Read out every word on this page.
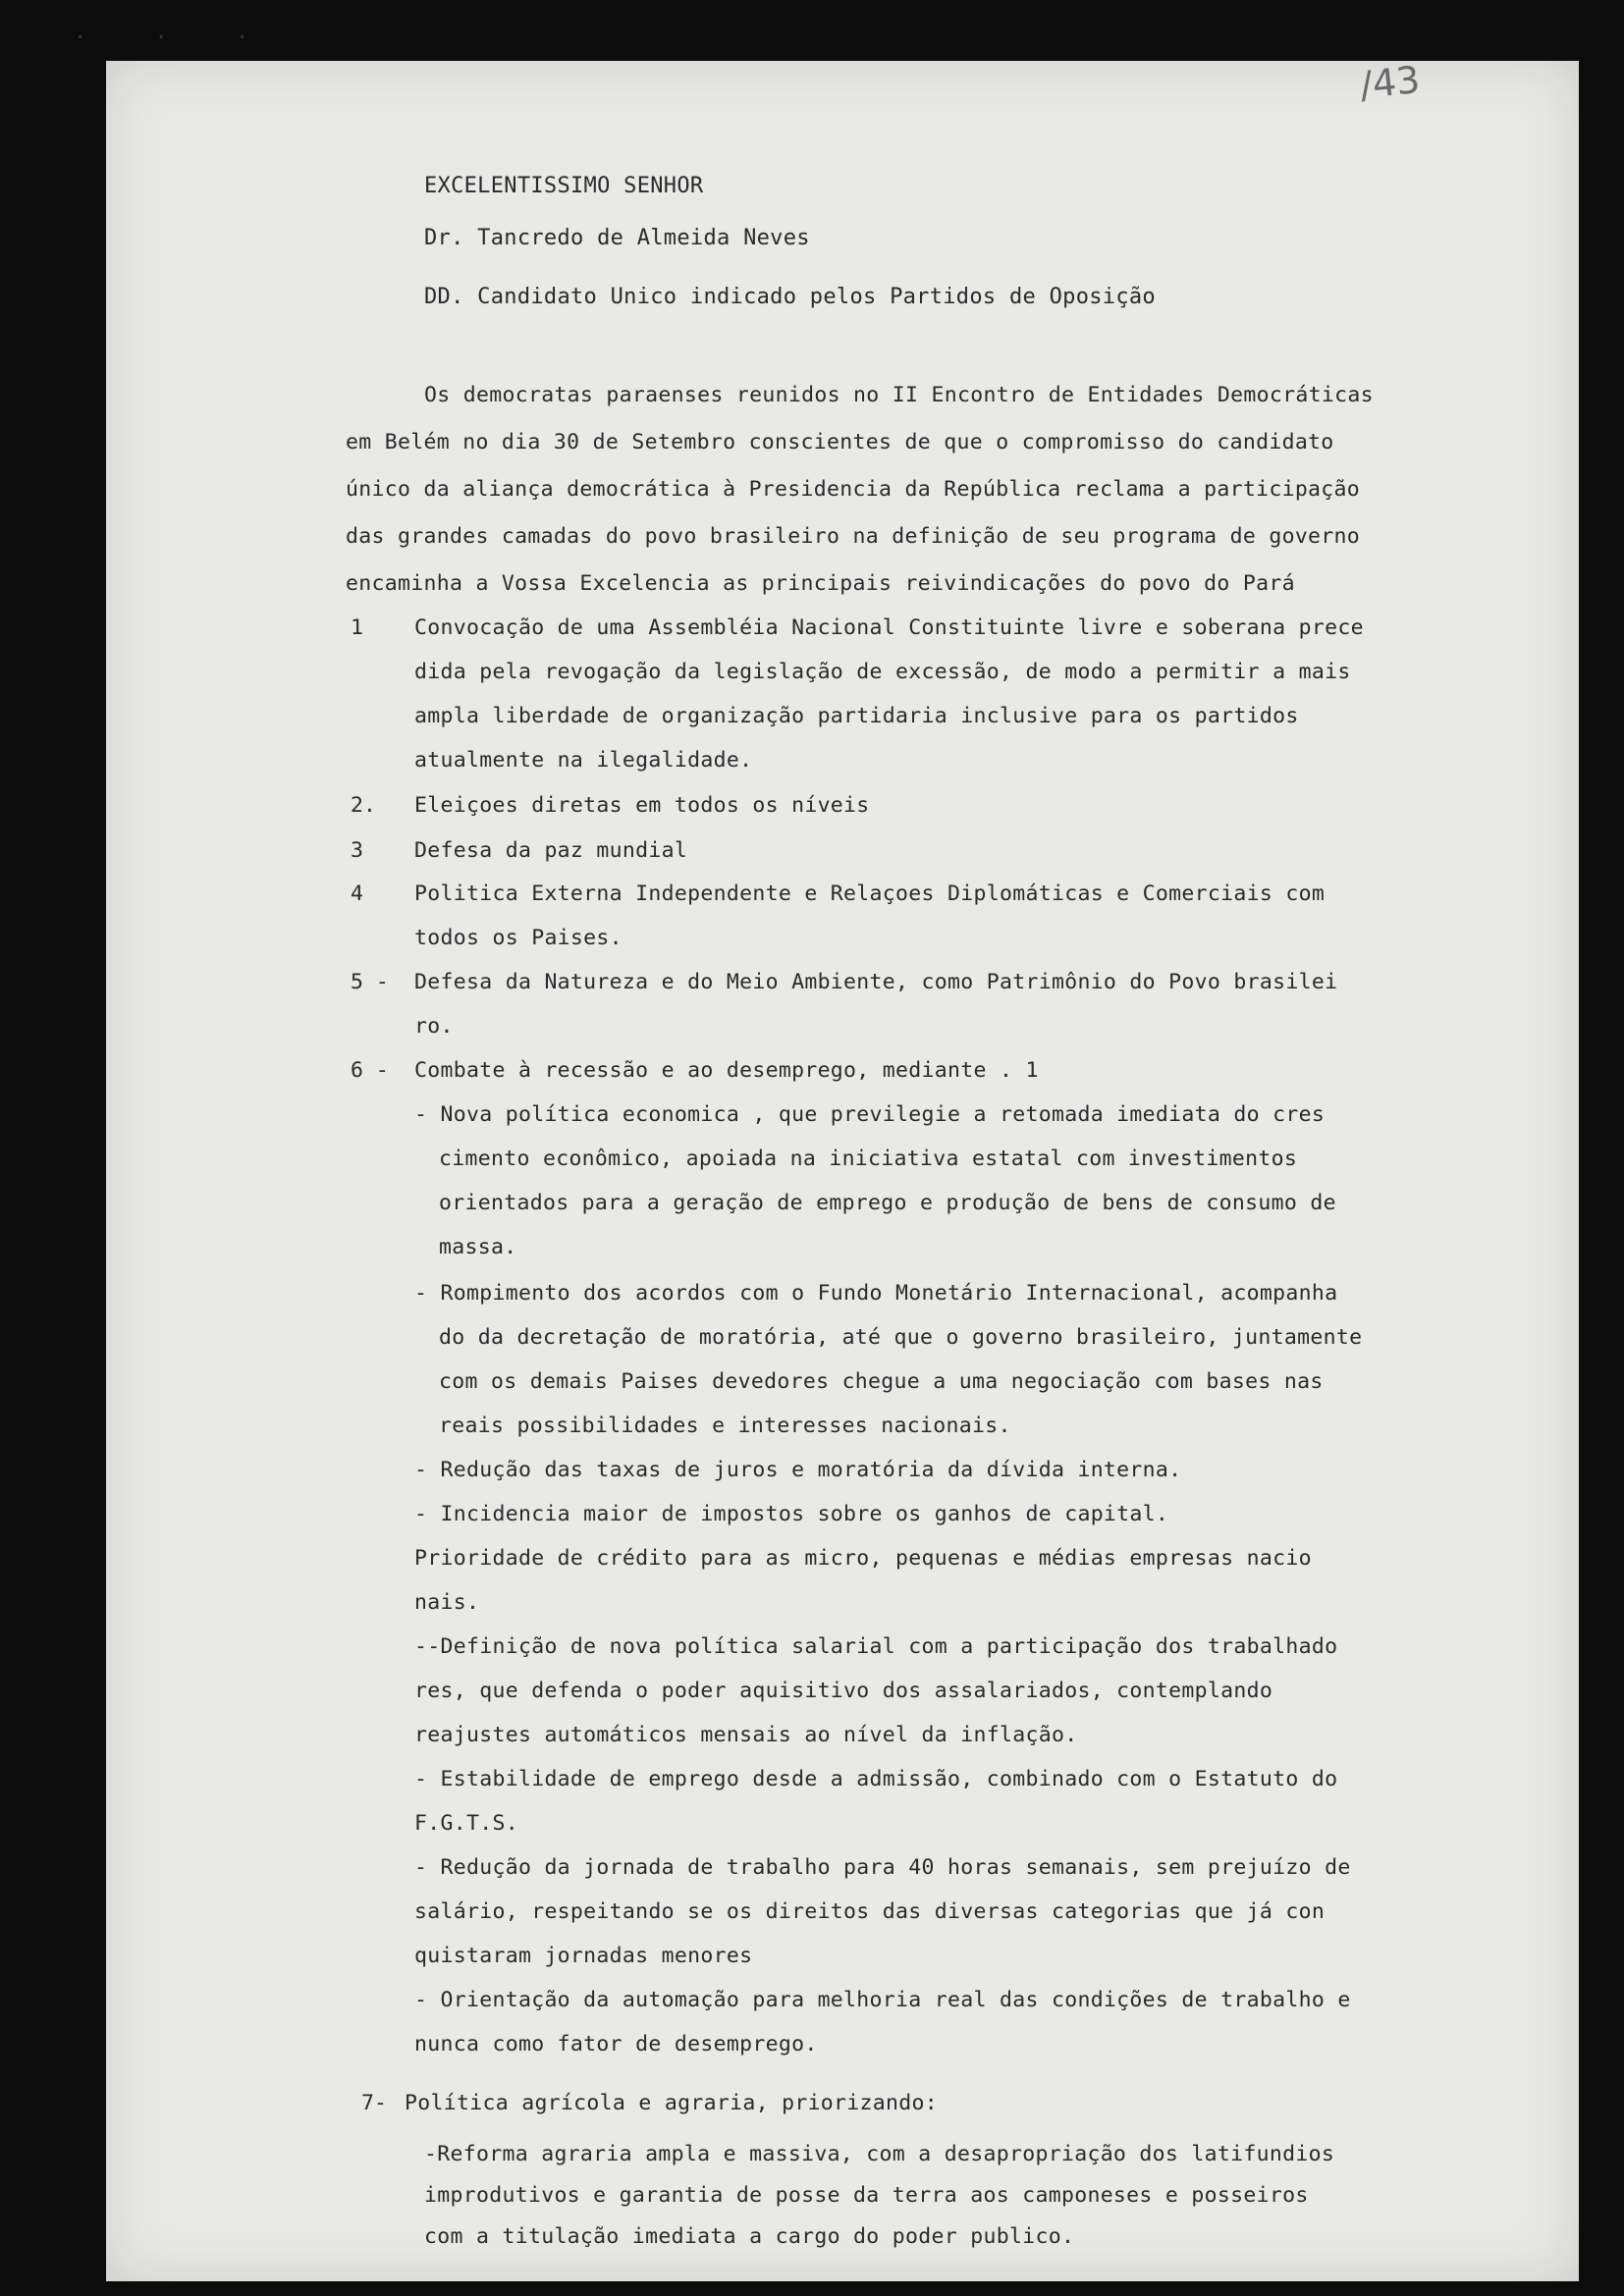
. . .
/43
EXCELENTISSIMO SENHOR
Dr. Tancredo de Almeida Neves
DD. Candidato Unico indicado pelos Partidos de Oposição
Os democratas paraenses reunidos no II Encontro de Entidades Democráticas
em Belém no dia 30 de Setembro conscientes de que o compromisso do candidato
único da aliança democrática à Presidencia da República reclama a participação
das grandes camadas do povo brasileiro na definição de seu programa de governo
encaminha a Vossa Excelencia as principais reivindicações do povo do Pará
1 Convocação de uma Assembléia Nacional Constituinte livre e soberana prece
dida pela revogação da legislação de excessão, de modo a permitir a mais
ampla liberdade de organização partidaria inclusive para os partidos
atualmente na ilegalidade.
2. Eleiçoes diretas em todos os níveis
3 Defesa da paz mundial
4 Politica Externa Independente e Relaçoes Diplomáticas e Comerciais com
todos os Paises.
5 - Defesa da Natureza e do Meio Ambiente, como Patrimônio do Povo brasilei
ro.
6 - Combate à recessão e ao desemprego, mediante . 1
- Nova política economica , que previlegie a retomada imediata do cres
cimento econômico, apoiada na iniciativa estatal com investimentos
orientados para a geração de emprego e produção de bens de consumo de
massa.
- Rompimento dos acordos com o Fundo Monetário Internacional, acompanha
do da decretação de moratória, até que o governo brasileiro, juntamente
com os demais Paises devedores chegue a uma negociação com bases nas
reais possibilidades e interesses nacionais.
- Redução das taxas de juros e moratória da dívida interna.
- Incidencia maior de impostos sobre os ganhos de capital.
Prioridade de crédito para as micro, pequenas e médias empresas nacio
nais.
--Definição de nova política salarial com a participação dos trabalhado
res, que defenda o poder aquisitivo dos assalariados, contemplando
reajustes automáticos mensais ao nível da inflação.
- Estabilidade de emprego desde a admissão, combinado com o Estatuto do
F.G.T.S.
- Redução da jornada de trabalho para 40 horas semanais, sem prejuízo de
salário, respeitando se os direitos das diversas categorias que já con
quistaram jornadas menores
- Orientação da automação para melhoria real das condições de trabalho e
nunca como fator de desemprego.
7- Política agrícola e agraria, priorizando:
-Reforma agraria ampla e massiva, com a desapropriação dos latifundios
improdutivos e garantia de posse da terra aos camponeses e posseiros
com a titulação imediata a cargo do poder publico.
